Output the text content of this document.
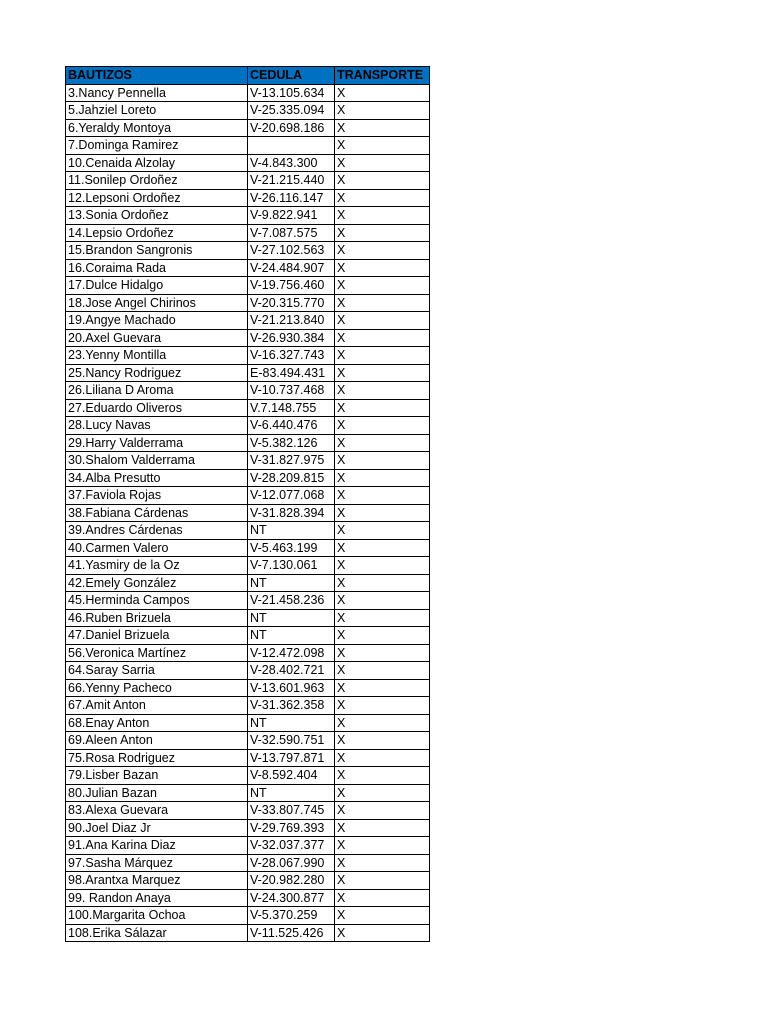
BAUTIZOS	CEDULA	TRANSPORTE
3.Nancy Pennella	V-13.105.634	X
5.Jahziel Loreto	V-25.335.094	X
6.Yeraldy Montoya	V-20.698.186	X
7.Dominga Ramirez		X
10.Cenaida Alzolay	V-4.843.300	X
11.Sonilep Ordoñez	V-21.215.440	X
12.Lepsoni Ordoñez	V-26.116.147	X
13.Sonia Ordoñez	V-9.822.941	X
14.Lepsio Ordoñez	V-7.087.575	X
15.Brandon Sangronis	V-27.102.563	X
16.Coraima Rada	V-24.484.907	X
17.Dulce Hidalgo	V-19.756.460	X
18.Jose Angel Chirinos	V-20.315.770	X
19.Angye Machado	V-21.213.840	X
20.Axel Guevara	V-26.930.384	X
23.Yenny Montilla	V-16.327.743	X
25.Nancy Rodriguez	E-83.494.431	X
26.Liliana D Aroma	V-10.737.468	X
27.Eduardo Oliveros	V.7.148.755	X
28.Lucy Navas	V-6.440.476	X
29.Harry Valderrama	V-5.382.126	X
30.Shalom Valderrama	V-31.827.975	X
34.Alba Presutto	V-28.209.815	X
37.Faviola Rojas	V-12.077.068	X
38.Fabiana Cárdenas	V-31.828.394	X
39.Andres Cárdenas	NT	X
40.Carmen Valero	V-5.463.199	X
41.Yasmiry de la Oz	V-7.130.061	X
42.Emely González	NT	X
45.Herminda Campos	V-21.458.236	X
46.Ruben Brizuela	NT	X
47.Daniel Brizuela	NT	X
56.Veronica Martínez	V-12.472.098	X
64.Saray Sarria	V-28.402.721	X
66.Yenny Pacheco	V-13.601.963	X
67.Amit Anton	V-31.362.358	X
68.Enay Anton	NT	X
69.Aleen Anton	V-32.590.751	X
75.Rosa Rodriguez	V-13.797.871	X
79.Lisber Bazan	V-8.592.404	X
80.Julian Bazan	NT	X
83.Alexa Guevara	V-33.807.745	X
90.Joel Diaz Jr	V-29.769.393	X
91.Ana Karina Diaz	V-32.037.377	X
97.Sasha Márquez	V-28.067.990	X
98.Arantxa Marquez	V-20.982.280	X
99. Randon Anaya	V-24.300.877	X
100.Margarita Ochoa	V-5.370.259	X
108.Erika Sálazar	V-11.525.426	X
